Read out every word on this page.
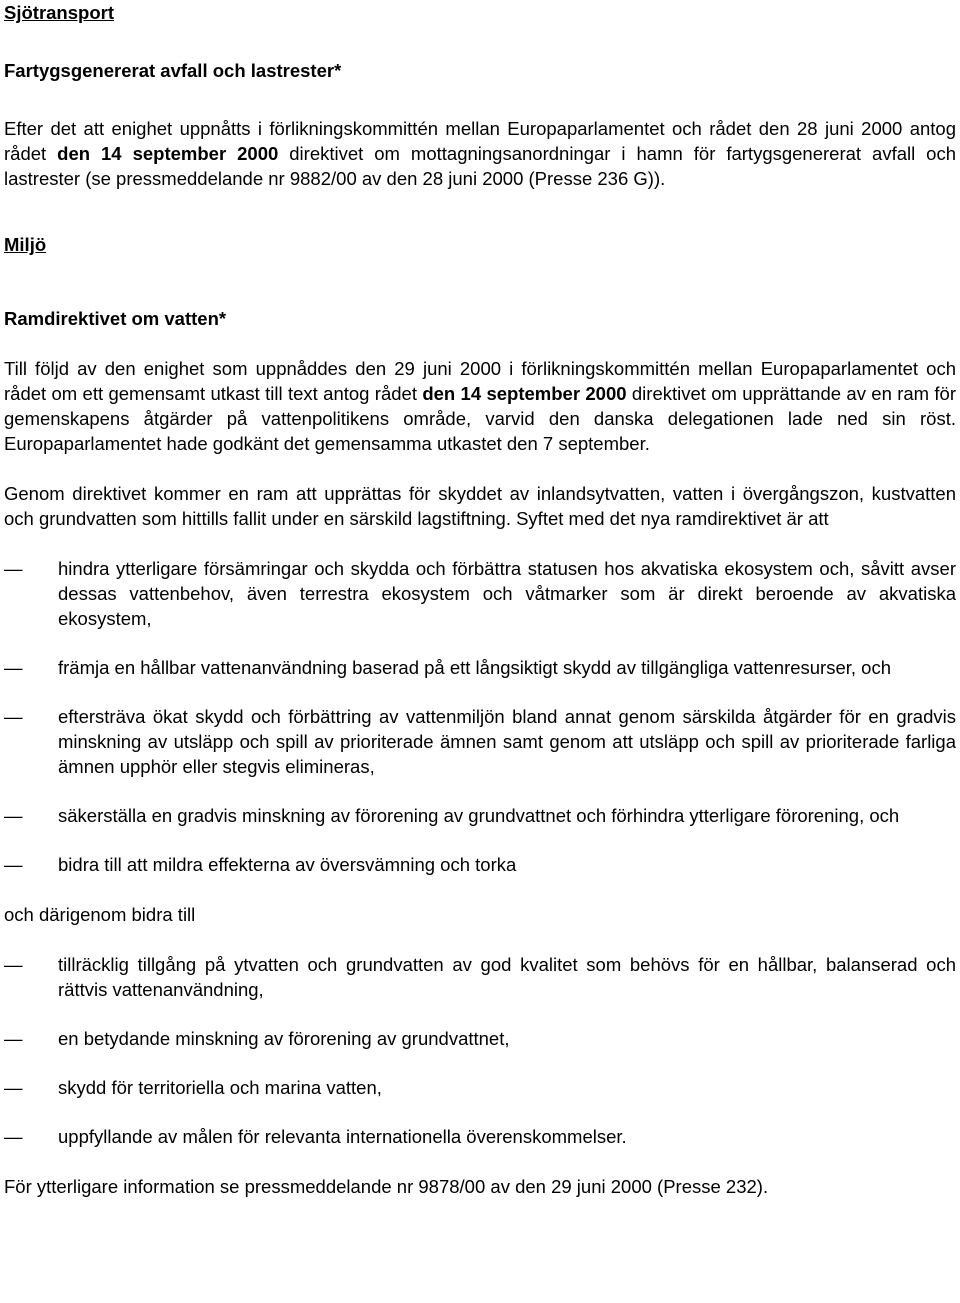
Sjötransport

Fartygsgenererat avfall och lastrester*

Efter det att enighet uppnåtts i förlikningskommittén mellan Europaparlamentet och rådet den 28 juni 2000 antog rådet den 14 september 2000 direktivet om mottagningsanordningar i hamn för fartygsgenererat avfall och lastrester (se pressmeddelande nr 9882/00 av den 28 juni 2000 (Presse 236 G)).

Miljö

Ramdirektivet om vatten*

Till följd av den enighet som uppnåddes den 29 juni 2000 i förlikningskommittén mellan Europaparlamentet och rådet om ett gemensamt utkast till text antog rådet den 14 september 2000 direktivet om upprättande av en ram för gemenskapens åtgärder på vattenpolitikens område, varvid den danska delegationen lade ned sin röst. Europaparlamentet hade godkänt det gemensamma utkastet den 7 september.

Genom direktivet kommer en ram att upprättas för skyddet av inlandsytvatten, vatten i övergångszon, kustvatten och grundvatten som hittills fallit under en särskild lagstiftning. Syftet med det nya ramdirektivet är att

— hindra ytterligare försämringar och skydda och förbättra statusen hos akvatiska ekosystem och, såvitt avser dessas vattenbehov, även terrestra ekosystem och våtmarker som är direkt beroende av akvatiska ekosystem,
— främja en hållbar vattenanvändning baserad på ett långsiktigt skydd av tillgängliga vattenresurser, och
— eftersträva ökat skydd och förbättring av vattenmiljön bland annat genom särskilda åtgärder för en gradvis minskning av utsläpp och spill av prioriterade ämnen samt genom att utsläpp och spill av prioriterade farliga ämnen upphör eller stegvis elimineras,
— säkerställa en gradvis minskning av förorening av grundvattnet och förhindra ytterligare förorening, och
— bidra till att mildra effekterna av översvämning och torka

och därigenom bidra till

— tillräcklig tillgång på ytvatten och grundvatten av god kvalitet som behövs för en hållbar, balanserad och rättvis vattenanvändning,
— en betydande minskning av förorening av grundvattnet,
— skydd för territoriella och marina vatten,
— uppfyllande av målen för relevanta internationella överenskommelser.

För ytterligare information se pressmeddelande nr 9878/00 av den 29 juni 2000 (Presse 232).
